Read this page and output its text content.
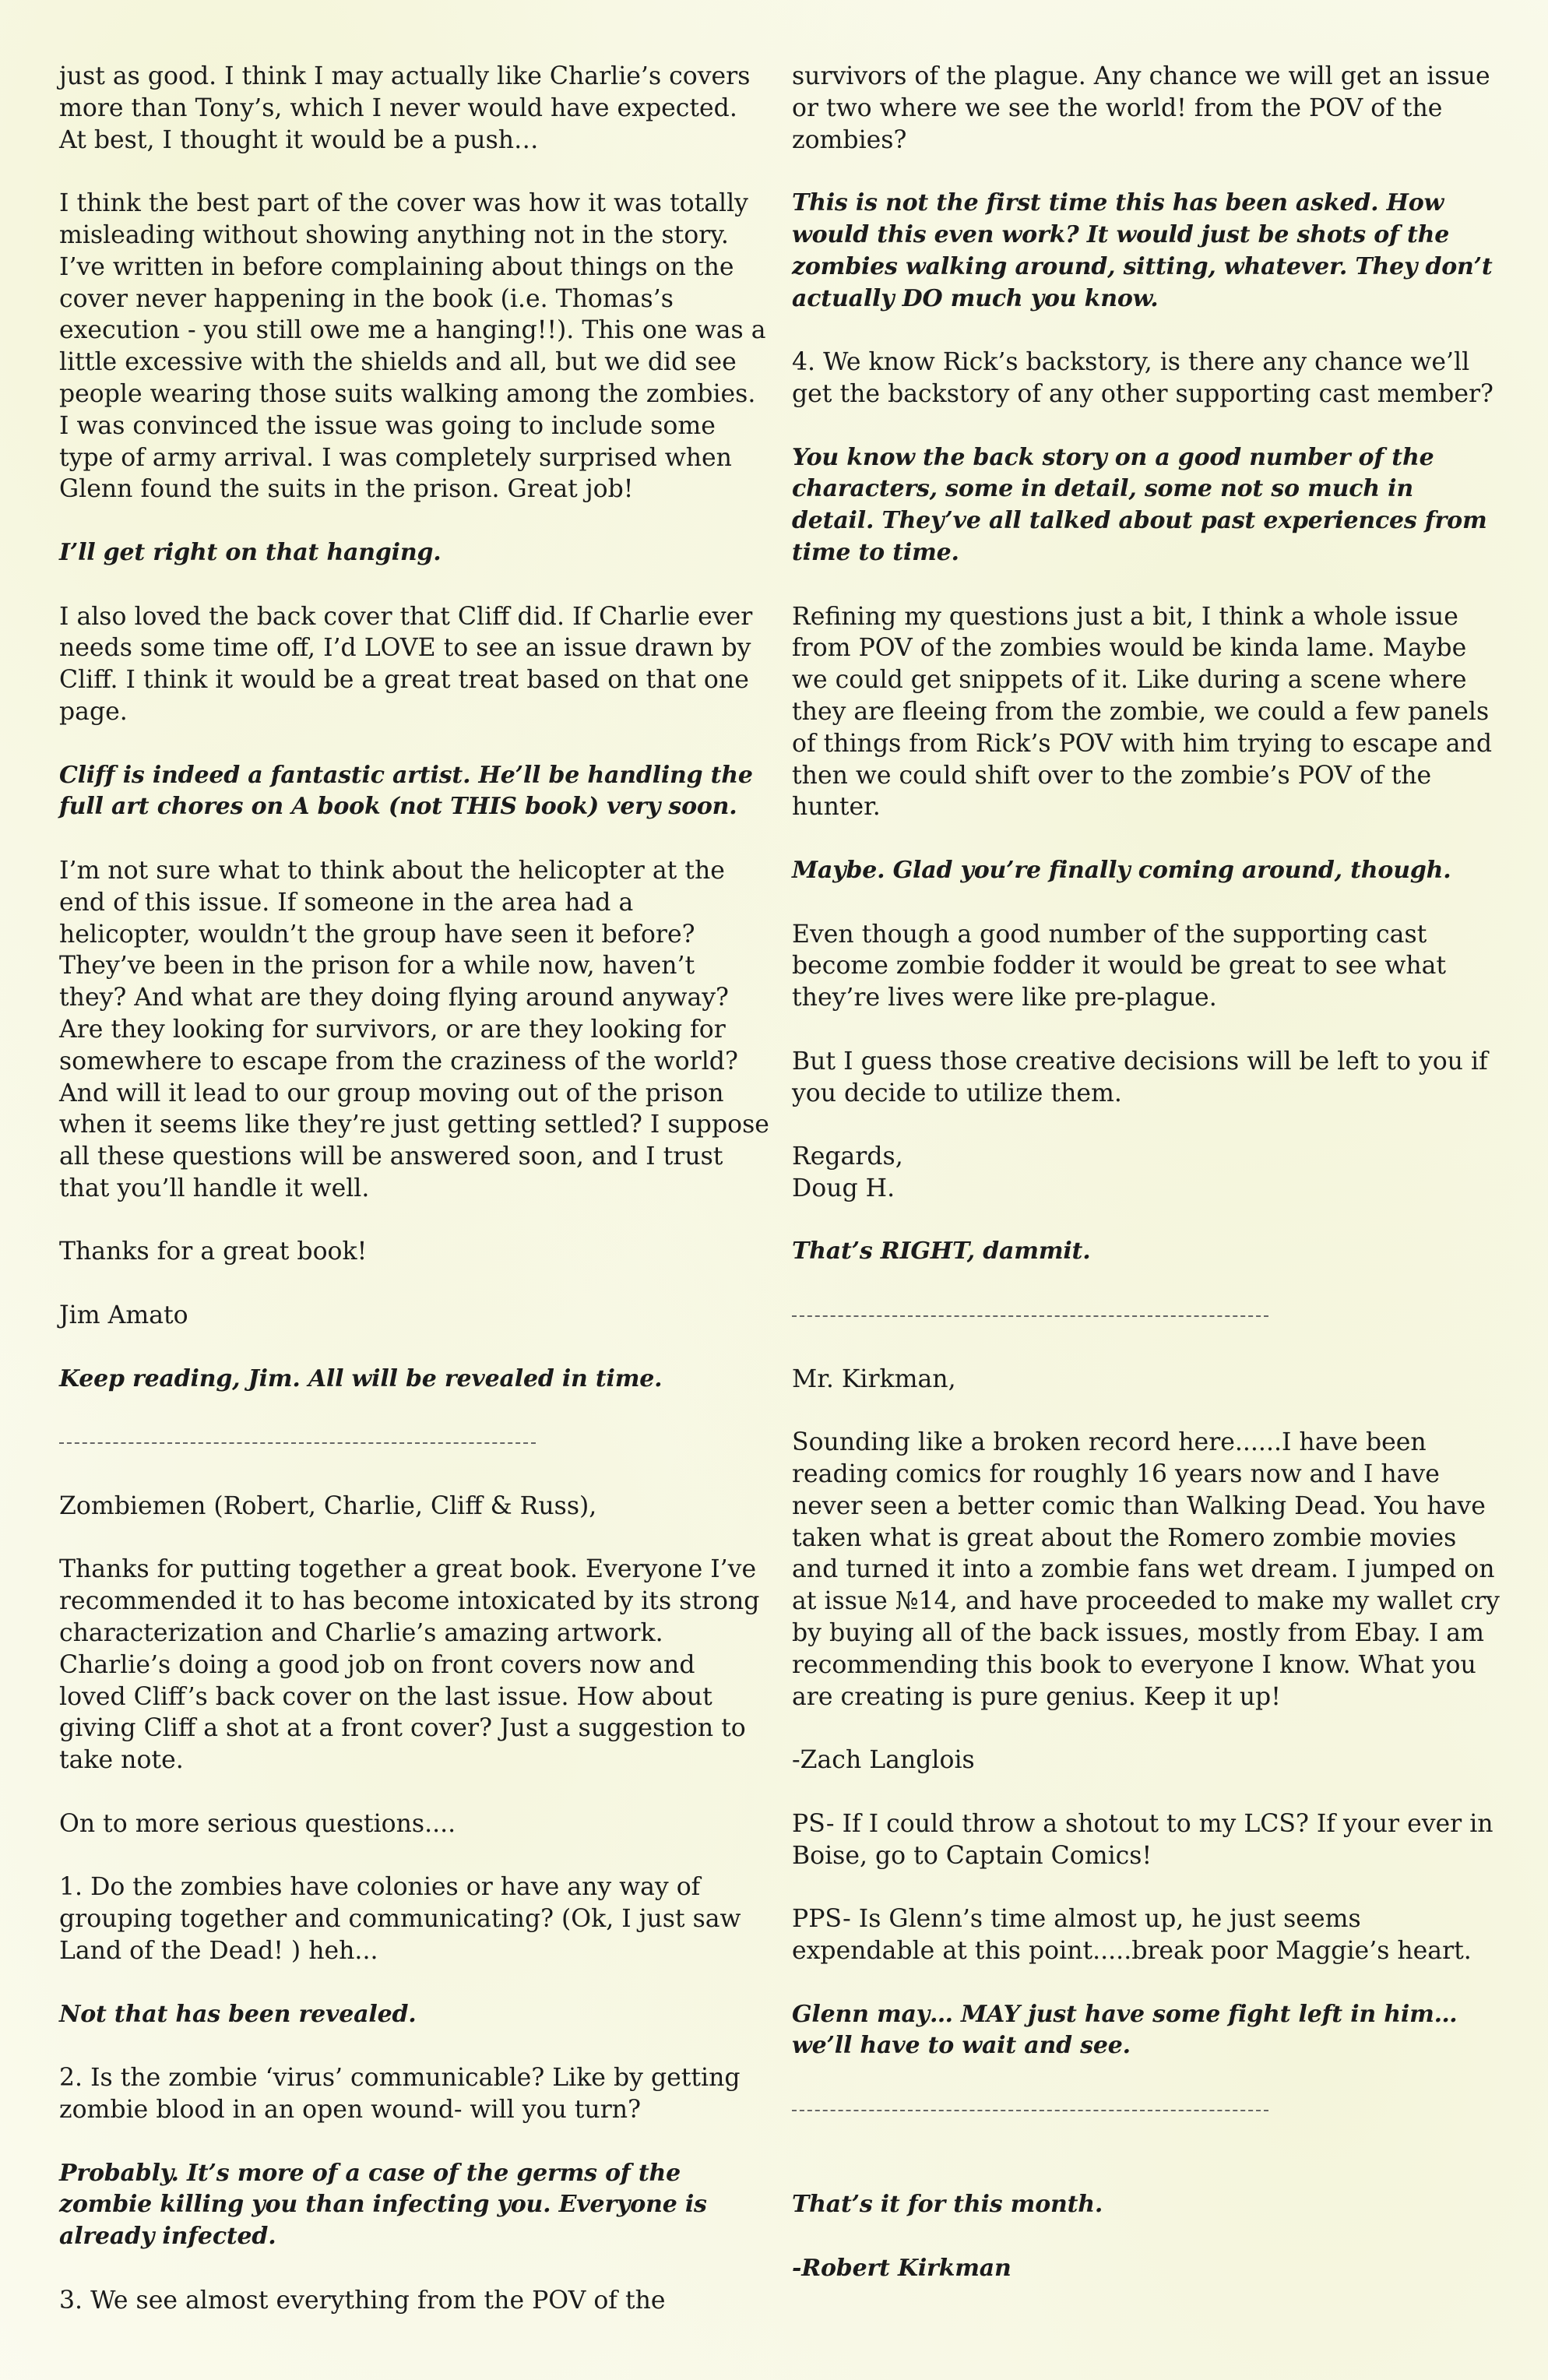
just as good. I think I may actually like Charlie’s covers more than Tony’s, which I never would have expected. At best, I thought it would be a push…

I think the best part of the cover was how it was totally misleading without showing anything not in the story. I’ve written in before complaining about things on the cover never happening in the book (i.e. Thomas’s execution - you still owe me a hanging!!). This one was a little excessive with the shields and all, but we did see people wearing those suits walking among the zombies. I was convinced the issue was going to include some type of army arrival. I was completely surprised when Glenn found the suits in the prison. Great job!

I’ll get right on that hanging.

I also loved the back cover that Cliff did. If Charlie ever needs some time off, I’d LOVE to see an issue drawn by Cliff. I think it would be a great treat based on that one page.

Cliff is indeed a fantastic artist. He’ll be handling the full art chores on A book (not THIS book) very soon.

I’m not sure what to think about the helicopter at the end of this issue. If someone in the area had a helicopter, wouldn’t the group have seen it before? They’ve been in the prison for a while now, haven’t they? And what are they doing flying around anyway? Are they looking for survivors, or are they looking for somewhere to escape from the craziness of the world? And will it lead to our group moving out of the prison when it seems like they’re just getting settled? I suppose all these questions will be answered soon, and I trust that you’ll handle it well.

Thanks for a great book!

Jim Amato

Keep reading, Jim. All will be revealed in time.

Zombiemen (Robert, Charlie, Cliff & Russ),

Thanks for putting together a great book. Everyone I’ve recommended it to has become intoxicated by its strong characterization and Charlie’s amazing artwork. Charlie’s doing a good job on front covers now and loved Cliff’s back cover on the last issue. How about giving Cliff a shot at a front cover? Just a suggestion to take note.

On to more serious questions....

1. Do the zombies have colonies or have any way of grouping together and communicating? (Ok, I just saw Land of the Dead! ) heh...

Not that has been revealed.

2. Is the zombie ‘virus’ communicable? Like by getting zombie blood in an open wound- will you turn?

Probably. It’s more of a case of the germs of the zombie killing you than infecting you. Everyone is already infected.

3. We see almost everything from the POV of the

survivors of the plague. Any chance we will get an issue or two where we see the world! from the POV of the zombies?

This is not the first time this has been asked. How would this even work? It would just be shots of the zombies walking around, sitting, whatever. They don’t actually DO much you know.

4. We know Rick’s backstory, is there any chance we’ll get the backstory of any other supporting cast member?

You know the back story on a good number of the characters, some in detail, some not so much in detail. They’ve all talked about past experiences from time to time.

Refining my questions just a bit, I think a whole issue from POV of the zombies would be kinda lame. Maybe we could get snippets of it. Like during a scene where they are fleeing from the zombie, we could a few panels of things from Rick’s POV with him trying to escape and then we could shift over to the zombie’s POV of the hunter.

Maybe. Glad you’re finally coming around, though.

Even though a good number of the supporting cast become zombie fodder it would be great to see what they’re lives were like pre-plague.

But I guess those creative decisions will be left to you if you decide to utilize them.

Regards,
Doug H.

That’s RIGHT, dammit.

Mr. Kirkman,

Sounding like a broken record here......I have been reading comics for roughly 16 years now and I have never seen a better comic than Walking Dead. You have taken what is great about the Romero zombie movies and turned it into a zombie fans wet dream. I jumped on at issue №14, and have proceeded to make my wallet cry by buying all of the back issues, mostly from Ebay. I am recommending this book to everyone I know. What you are creating is pure genius. Keep it up!

-Zach Langlois

PS- If I could throw a shotout to my LCS? If your ever in Boise, go to Captain Comics!

PPS- Is Glenn’s time almost up, he just seems expendable at this point.....break poor Maggie’s heart.

Glenn may… MAY just have some fight left in him… we’ll have to wait and see.

That’s it for this month.

-Robert Kirkman
